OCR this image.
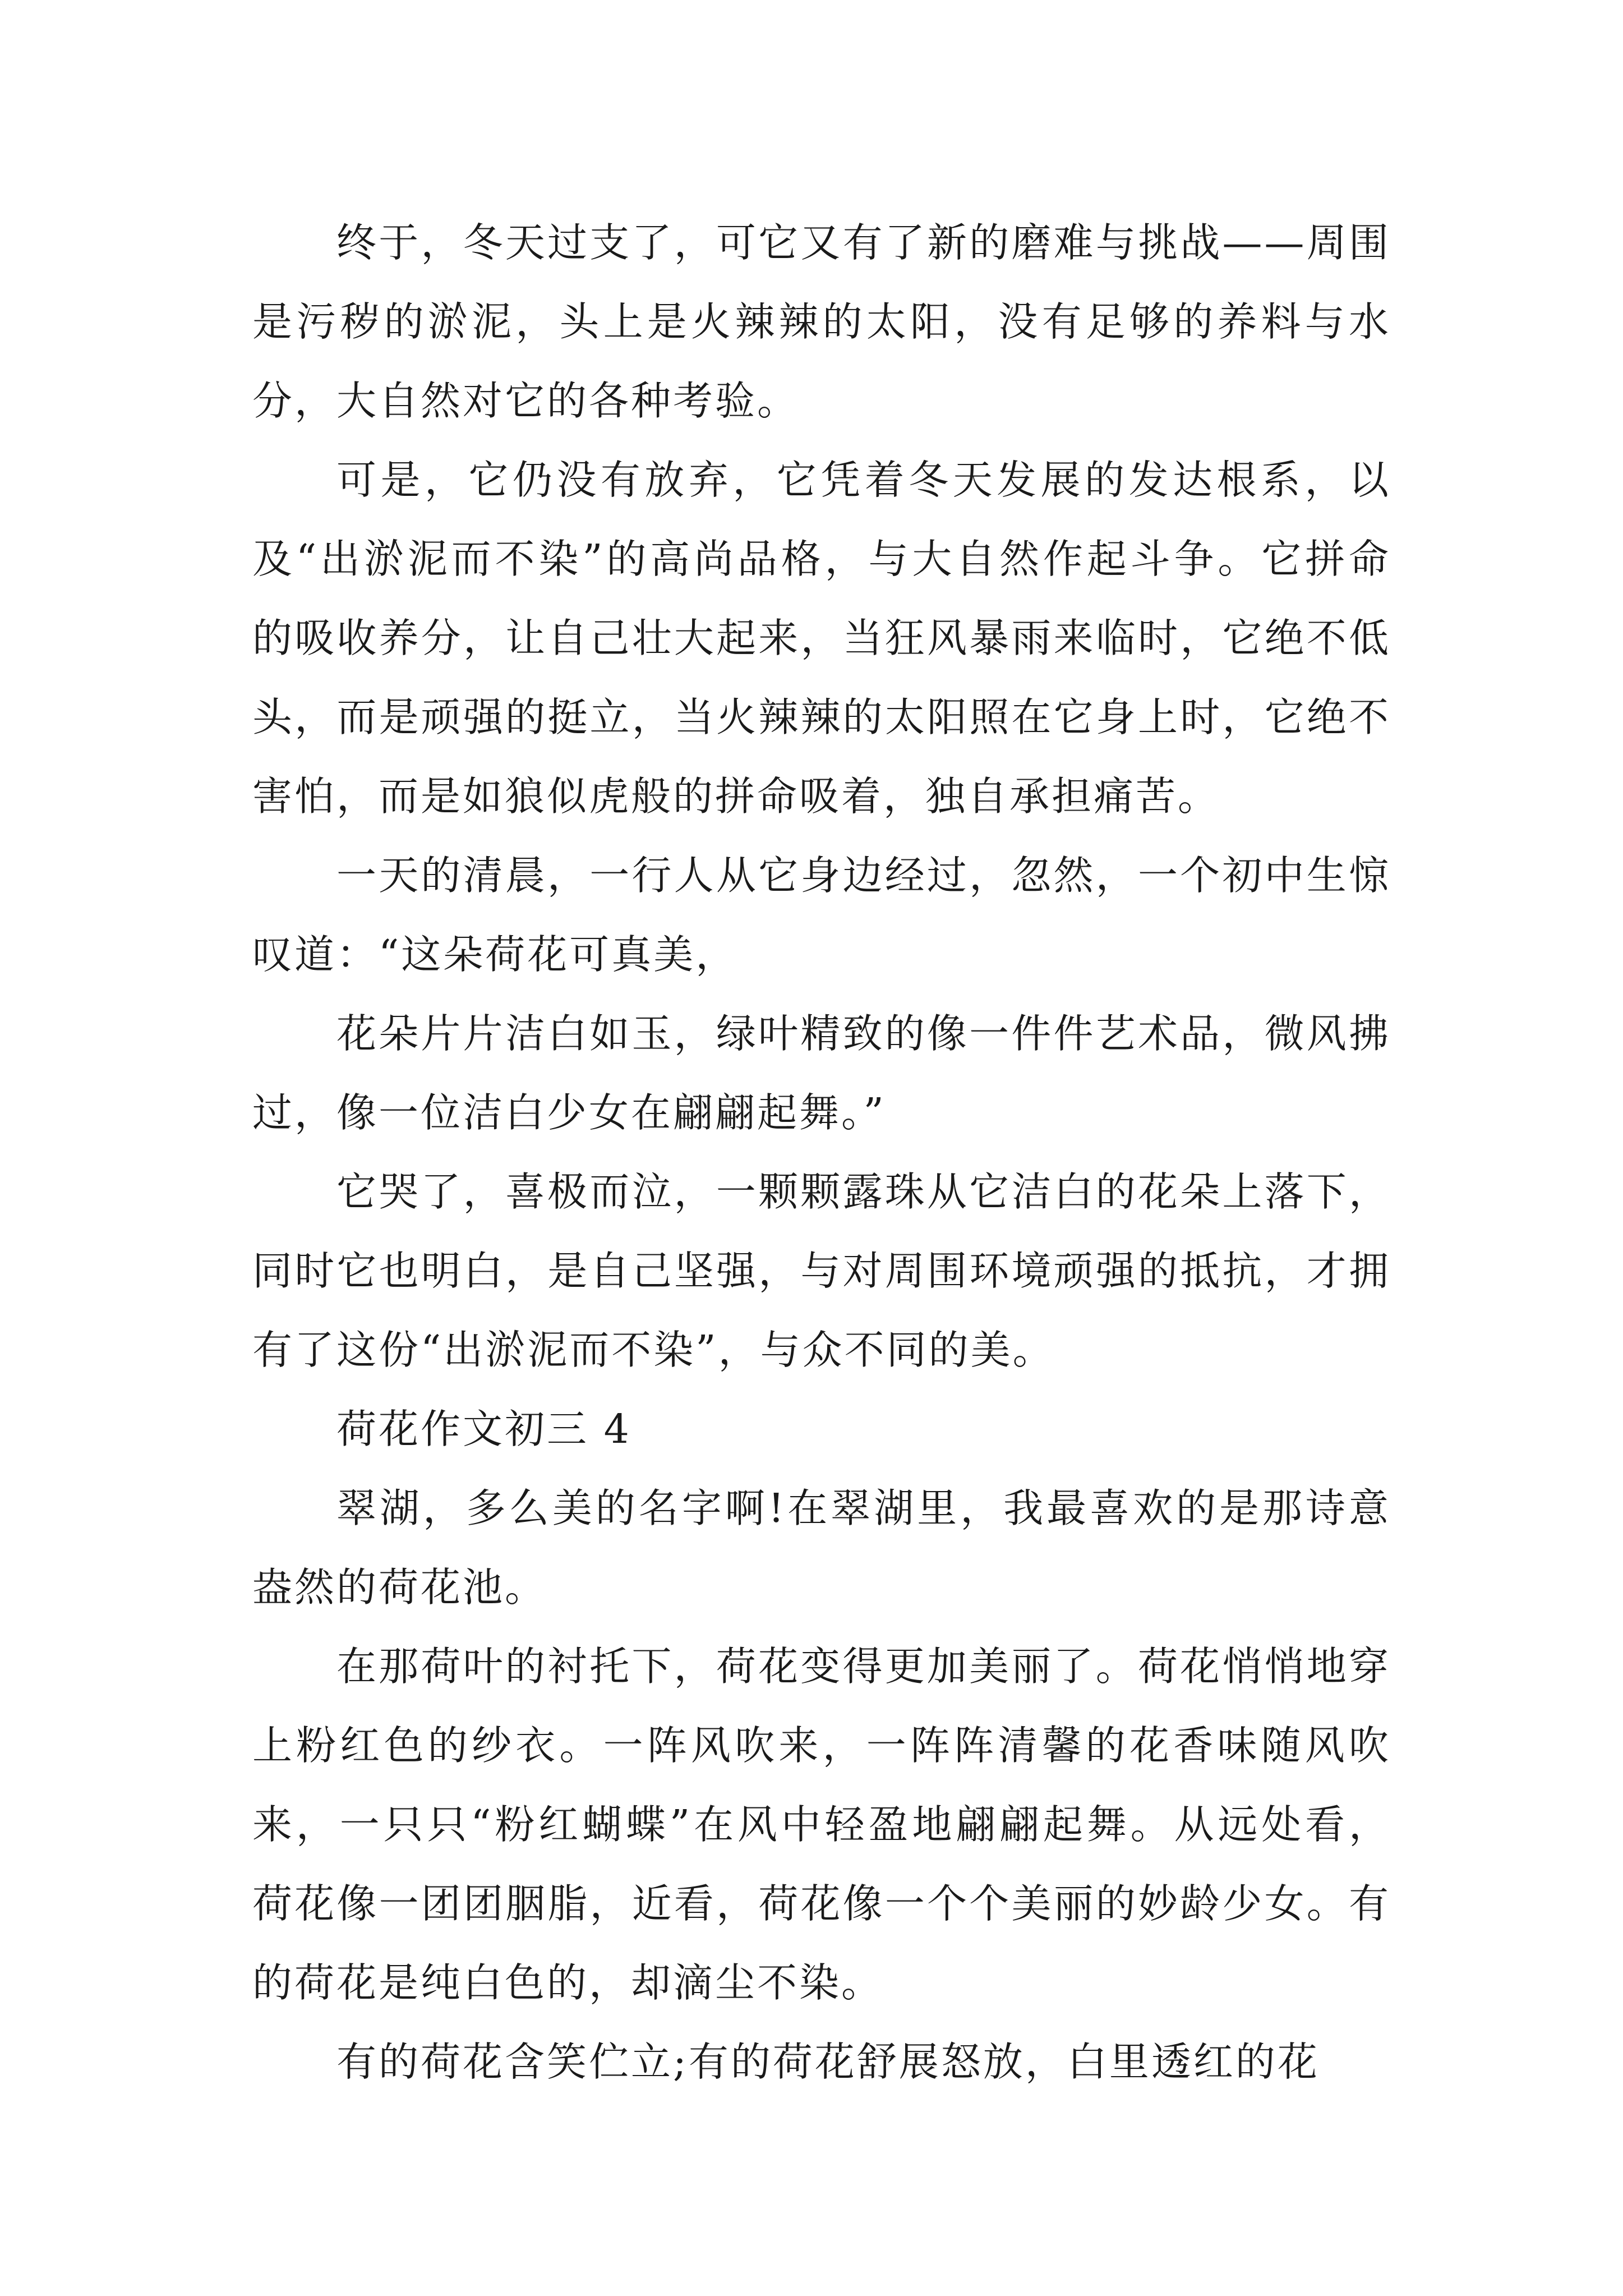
终于，冬天过支了，可它又有了新的磨难与挑战——周围是污秽的淤泥，头上是火辣辣的太阳，没有足够的养料与水分，大自然对它的各种考验。

可是，它仍没有放弃，它凭着冬天发展的发达根系，以及“出淤泥而不染”的高尚品格，与大自然作起斗争。它拼命的吸收养分，让自己壮大起来，当狂风暴雨来临时，它绝不低头，而是顽强的挺立，当火辣辣的太阳照在它身上时，它绝不害怕，而是如狼似虎般的拼命吸着，独自承担痛苦。

一天的清晨，一行人从它身边经过，忽然，一个初中生惊叹道：“这朵荷花可真美，

花朵片片洁白如玉，绿叶精致的像一件件艺术品，微风拂过，像一位洁白少女在翩翩起舞。”

它哭了，喜极而泣，一颗颗露珠从它洁白的花朵上落下，同时它也明白，是自己坚强，与对周围环境顽强的抵抗，才拥有了这份“出淤泥而不染”，与众不同的美。

荷花作文初三 4

翠湖，多么美的名字啊!在翠湖里，我最喜欢的是那诗意盎然的荷花池。

在那荷叶的衬托下，荷花变得更加美丽了。荷花悄悄地穿上粉红色的纱衣。一阵风吹来，一阵阵清馨的花香味随风吹来，一只只“粉红蝴蝶”在风中轻盈地翩翩起舞。从远处看，荷花像一团团胭脂，近看，荷花像一个个美丽的妙龄少女。有的荷花是纯白色的，却滴尘不染。

有的荷花含笑伫立;有的荷花舒展怒放，白里透红的花
